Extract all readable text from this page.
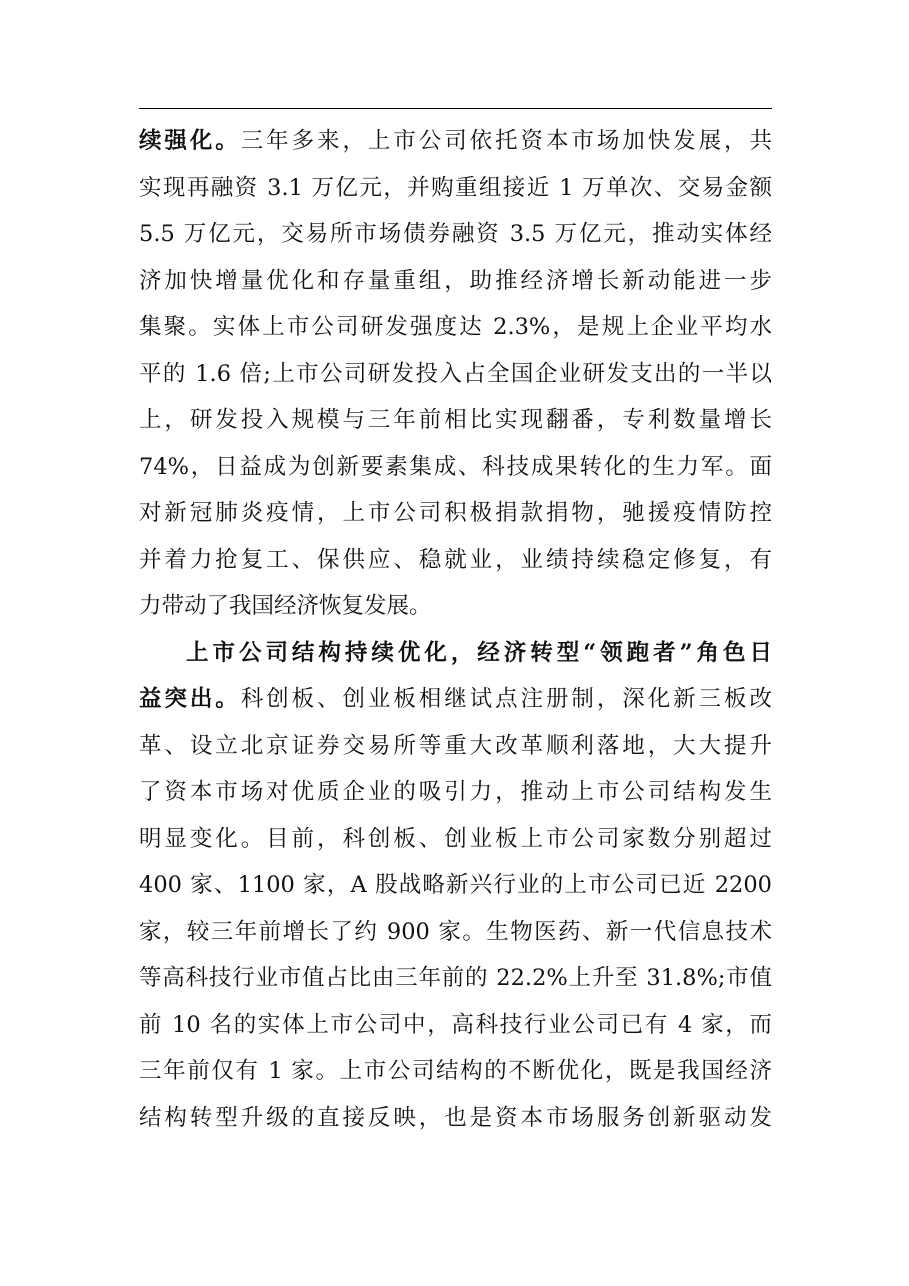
续强化。三年多来，上市公司依托资本市场加快发展，共
实现再融资 3.1 万亿元，并购重组接近 1 万单次、交易金额
5.5 万亿元，交易所市场债券融资 3.5 万亿元，推动实体经
济加快增量优化和存量重组，助推经济增长新动能进一步
集聚。实体上市公司研发强度达 2.3%，是规上企业平均水
平的 1.6 倍;上市公司研发投入占全国企业研发支出的一半以
上，研发投入规模与三年前相比实现翻番，专利数量增长
74%，日益成为创新要素集成、科技成果转化的生力军。面
对新冠肺炎疫情，上市公司积极捐款捐物，驰援疫情防控
并着力抢复工、保供应、稳就业，业绩持续稳定修复，有
力带动了我国经济恢复发展。
上市公司结构持续优化，经济转型“领跑者”角色日
益突出。科创板、创业板相继试点注册制，深化新三板改
革、设立北京证券交易所等重大改革顺利落地，大大提升
了资本市场对优质企业的吸引力，推动上市公司结构发生
明显变化。目前，科创板、创业板上市公司家数分别超过
400 家、1100 家，A 股战略新兴行业的上市公司已近 2200
家，较三年前增长了约 900 家。生物医药、新一代信息技术
等高科技行业市值占比由三年前的 22.2%上升至 31.8%;市值
前 10 名的实体上市公司中，高科技行业公司已有 4 家，而
三年前仅有 1 家。上市公司结构的不断优化，既是我国经济
结构转型升级的直接反映，也是资本市场服务创新驱动发
